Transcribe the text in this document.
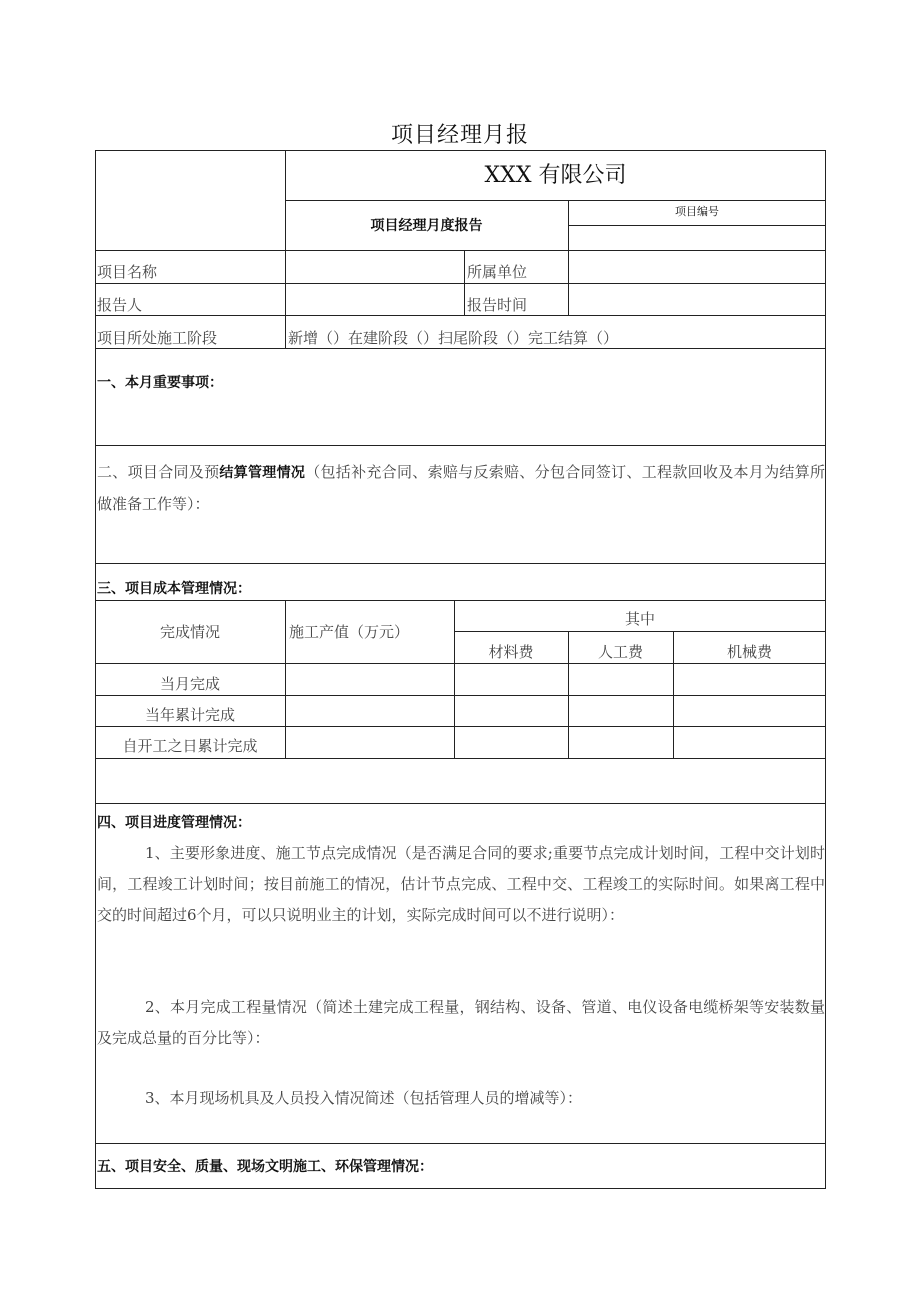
项目经理月报
XXX 有限公司
项目经理月度报告
项目编号
项目名称	所属单位
报告人	报告时间
项目所处施工阶段	新增（）在建阶段（）扫尾阶段（）完工结算（）
一、本月重要事项：
二、项目合同及预结算管理情况（包括补充合同、索赔与反索赔、分包合同签订、工程款回收及本月为结算所做准备工作等）：
三、项目成本管理情况：
完成情况	施工产值（万元）
其中
材料费	人工费	机械费
当月完成
当年累计完成
自开工之日累计完成
四、项目进度管理情况：
1、主要形象进度、施工节点完成情况（是否满足合同的要求;重要节点完成计划时间，工程中交计划时间，工程竣工计划时间；按目前施工的情况，估计节点完成、工程中交、工程竣工的实际时间。如果离工程中交的时间超过6个月，可以只说明业主的计划，实际完成时间可以不进行说明）：
2、本月完成工程量情况（简述土建完成工程量，钢结构、设备、管道、电仪设备电缆桥架等安装数量及完成总量的百分比等）：
3、本月现场机具及人员投入情况简述（包括管理人员的增减等）：
五、项目安全、质量、现场文明施工、环保管理情况：
